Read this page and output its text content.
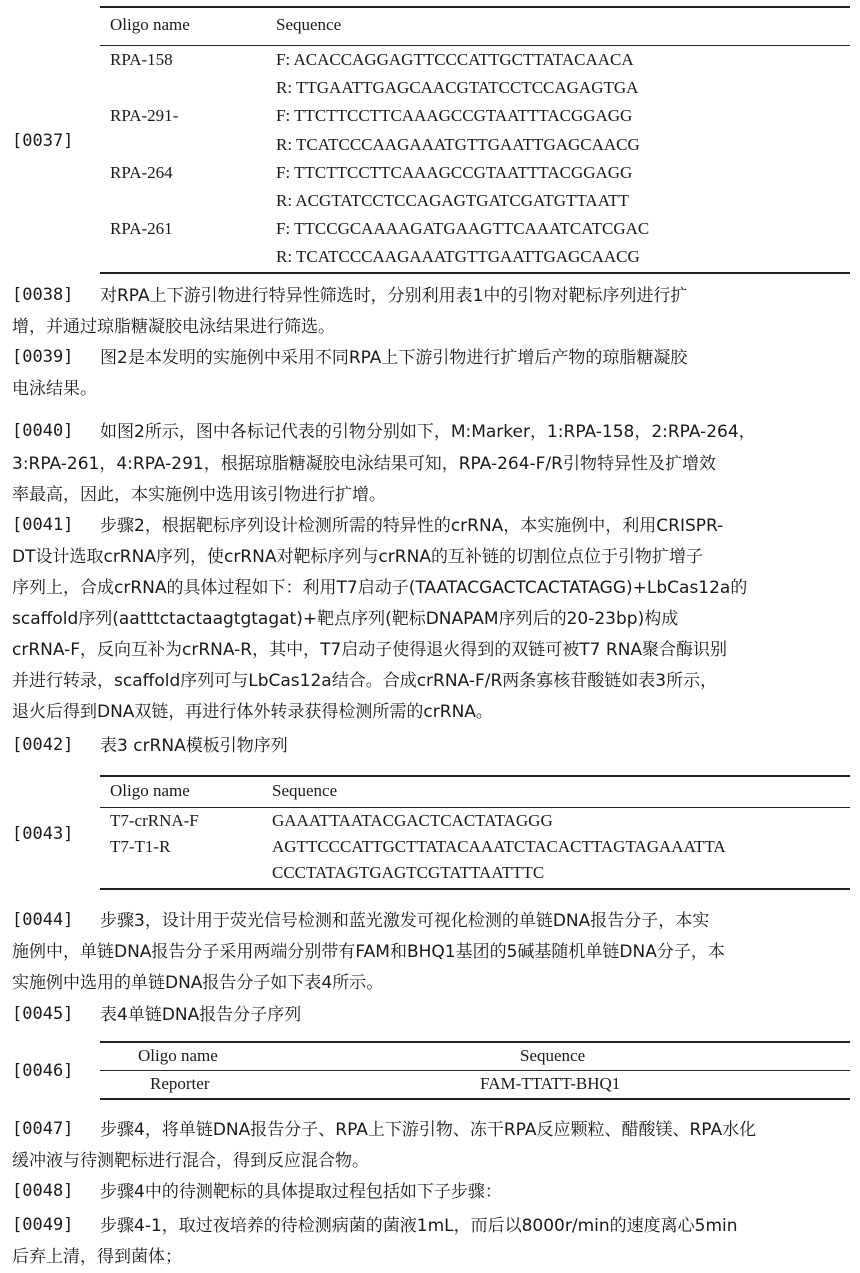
Oligo name	Sequence
RPA-158	F: ACACCAGGAGTTCCCATTGCTTATACAACA
R: TTGAATTGAGCAACGTATCCTCCAGAGTGA
RPA-291-	F: TTCTTCCTTCAAAGCCGTAATTTACGGAGG
R: TCATCCCAAGAAATGTTGAATTGAGCAACG
RPA-264	F: TTCTTCCTTCAAAGCCGTAATTTACGGAGG
R: ACGTATCCTCCAGAGTGATCGATGTTAATT
RPA-261	F: TTCCGCAAAAGATGAAGTTCAAATCATCGAC
R: TCATCCCAAGAAATGTTGAATTGAGCAACG
[0037]
[0038] 对RPA上下游引物进行特异性筛选时，分别利用表1中的引物对靶标序列进行扩
增，并通过琼脂糖凝胶电泳结果进行筛选。
[0039] 图2是本发明的实施例中采用不同RPA上下游引物进行扩增后产物的琼脂糖凝胶
电泳结果。
[0040] 如图2所示，图中各标记代表的引物分别如下，M:Marker，1:RPA-158，2:RPA-264，
3:RPA-261，4:RPA-291，根据琼脂糖凝胶电泳结果可知，RPA-264-F/R引物特异性及扩增效
率最高，因此，本实施例中选用该引物进行扩增。
[0041] 步骤2，根据靶标序列设计检测所需的特异性的crRNA，本实施例中，利用CRISPR-
DT设计选取crRNA序列，使crRNA对靶标序列与crRNA的互补链的切割位点位于引物扩增子
序列上，合成crRNA的具体过程如下：利用T7启动子(TAATACGACTCACTATAGG)+LbCas12a的
scaffold序列(aatttctactaagtgtagat)+靶点序列(靶标DNAPAM序列后的20-23bp)构成
crRNA-F，反向互补为crRNA-R，其中，T7启动子使得退火得到的双链可被T7 RNA聚合酶识别
并进行转录，scaffold序列可与LbCas12a结合。合成crRNA-F/R两条寡核苷酸链如表3所示，
退火后得到DNA双链，再进行体外转录获得检测所需的crRNA。
[0042] 表3 crRNA模板引物序列
Oligo name	Sequence
T7-crRNA-F	GAAATTAATACGACTCACTATAGGG
T7-T1-R	AGTTCCCATTGCTTATACAAATCTACACTTAGTAGAAATTA
CCCTATAGTGAGTCGTATTAATTTC
[0043]
[0044] 步骤3，设计用于荧光信号检测和蓝光激发可视化检测的单链DNA报告分子，本实
施例中，单链DNA报告分子采用两端分别带有FAM和BHQ1基团的5碱基随机单链DNA分子，本
实施例中选用的单链DNA报告分子如下表4所示。
[0045] 表4单链DNA报告分子序列
Oligo name	Sequence
Reporter	FAM-TTATT-BHQ1
[0046]
[0047] 步骤4，将单链DNA报告分子、RPA上下游引物、冻干RPA反应颗粒、醋酸镁、RPA水化
缓冲液与待测靶标进行混合，得到反应混合物。
[0048] 步骤4中的待测靶标的具体提取过程包括如下子步骤：
[0049] 步骤4-1，取过夜培养的待检测病菌的菌液1mL，而后以8000r/min的速度离心5min
后弃上清，得到菌体；
